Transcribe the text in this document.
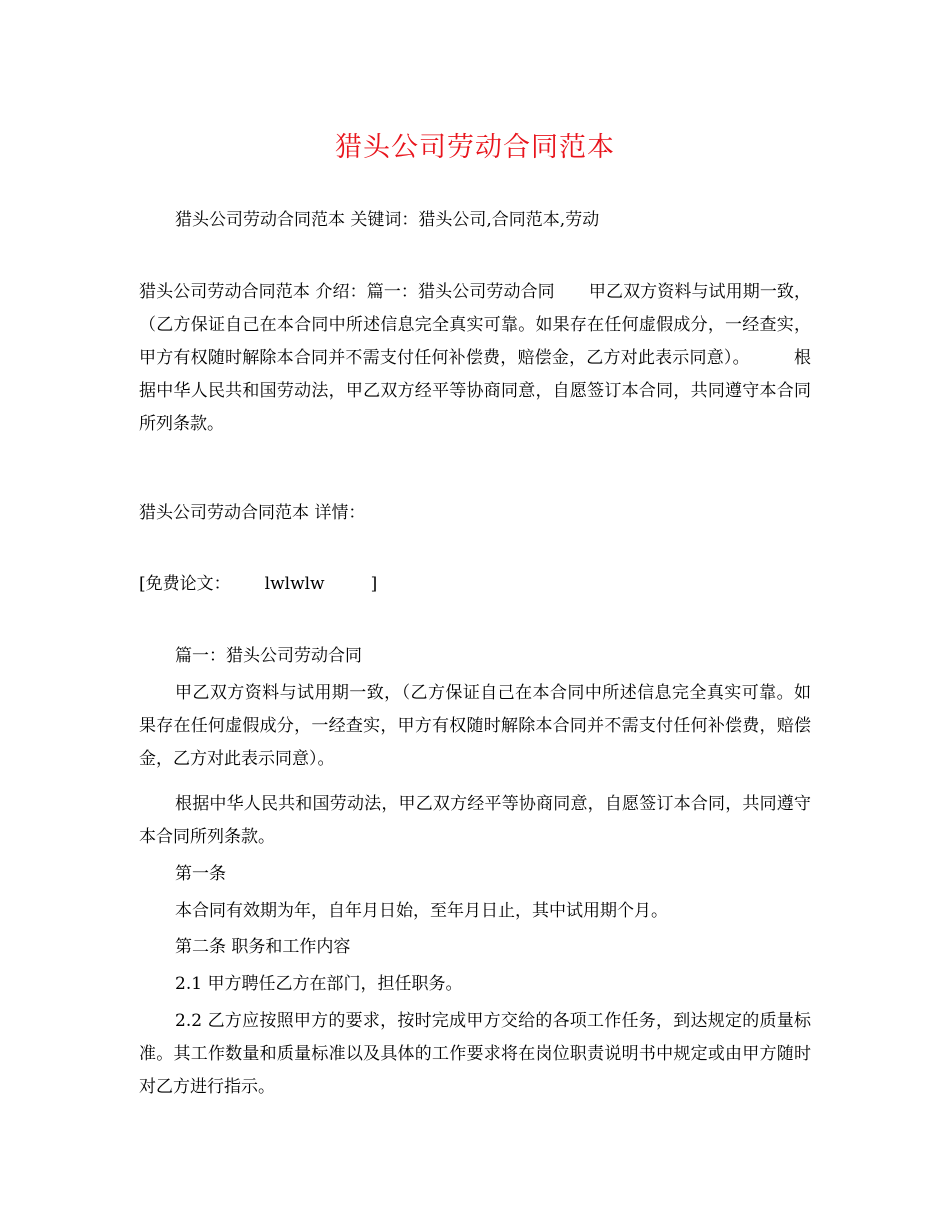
猎头公司劳动合同范本

猎头公司劳动合同范本 关键词：猎头公司,合同范本,劳动

猎头公司劳动合同范本 介绍：篇一：猎头公司劳动合同 甲乙双方资料与试用期一致，（乙方保证自己在本合同中所述信息完全真实可靠。如果存在任何虚假成分，一经查实，甲方有权随时解除本合同并不需支付任何补偿费，赔偿金，乙方对此表示同意）。	根据中华人民共和国劳动法，甲乙双方经平等协商同意，自愿签订本合同，共同遵守本合同所列条款。

猎头公司劳动合同范本 详情：

[免费论文： lwlwlw	]

篇一：猎头公司劳动合同

甲乙双方资料与试用期一致，（乙方保证自己在本合同中所述信息完全真实可靠。如果存在任何虚假成分，一经查实，甲方有权随时解除本合同并不需支付任何补偿费，赔偿金，乙方对此表示同意）。

根据中华人民共和国劳动法，甲乙双方经平等协商同意，自愿签订本合同，共同遵守本合同所列条款。

第一条

本合同有效期为年，自年月日始，至年月日止，其中试用期个月。

第二条 职务和工作内容

2.1 甲方聘任乙方在部门，担任职务。

2.2 乙方应按照甲方的要求，按时完成甲方交给的各项工作任务，到达规定的质量标准。其工作数量和质量标准以及具体的工作要求将在岗位职责说明书中规定或由甲方随时对乙方进行指示。
